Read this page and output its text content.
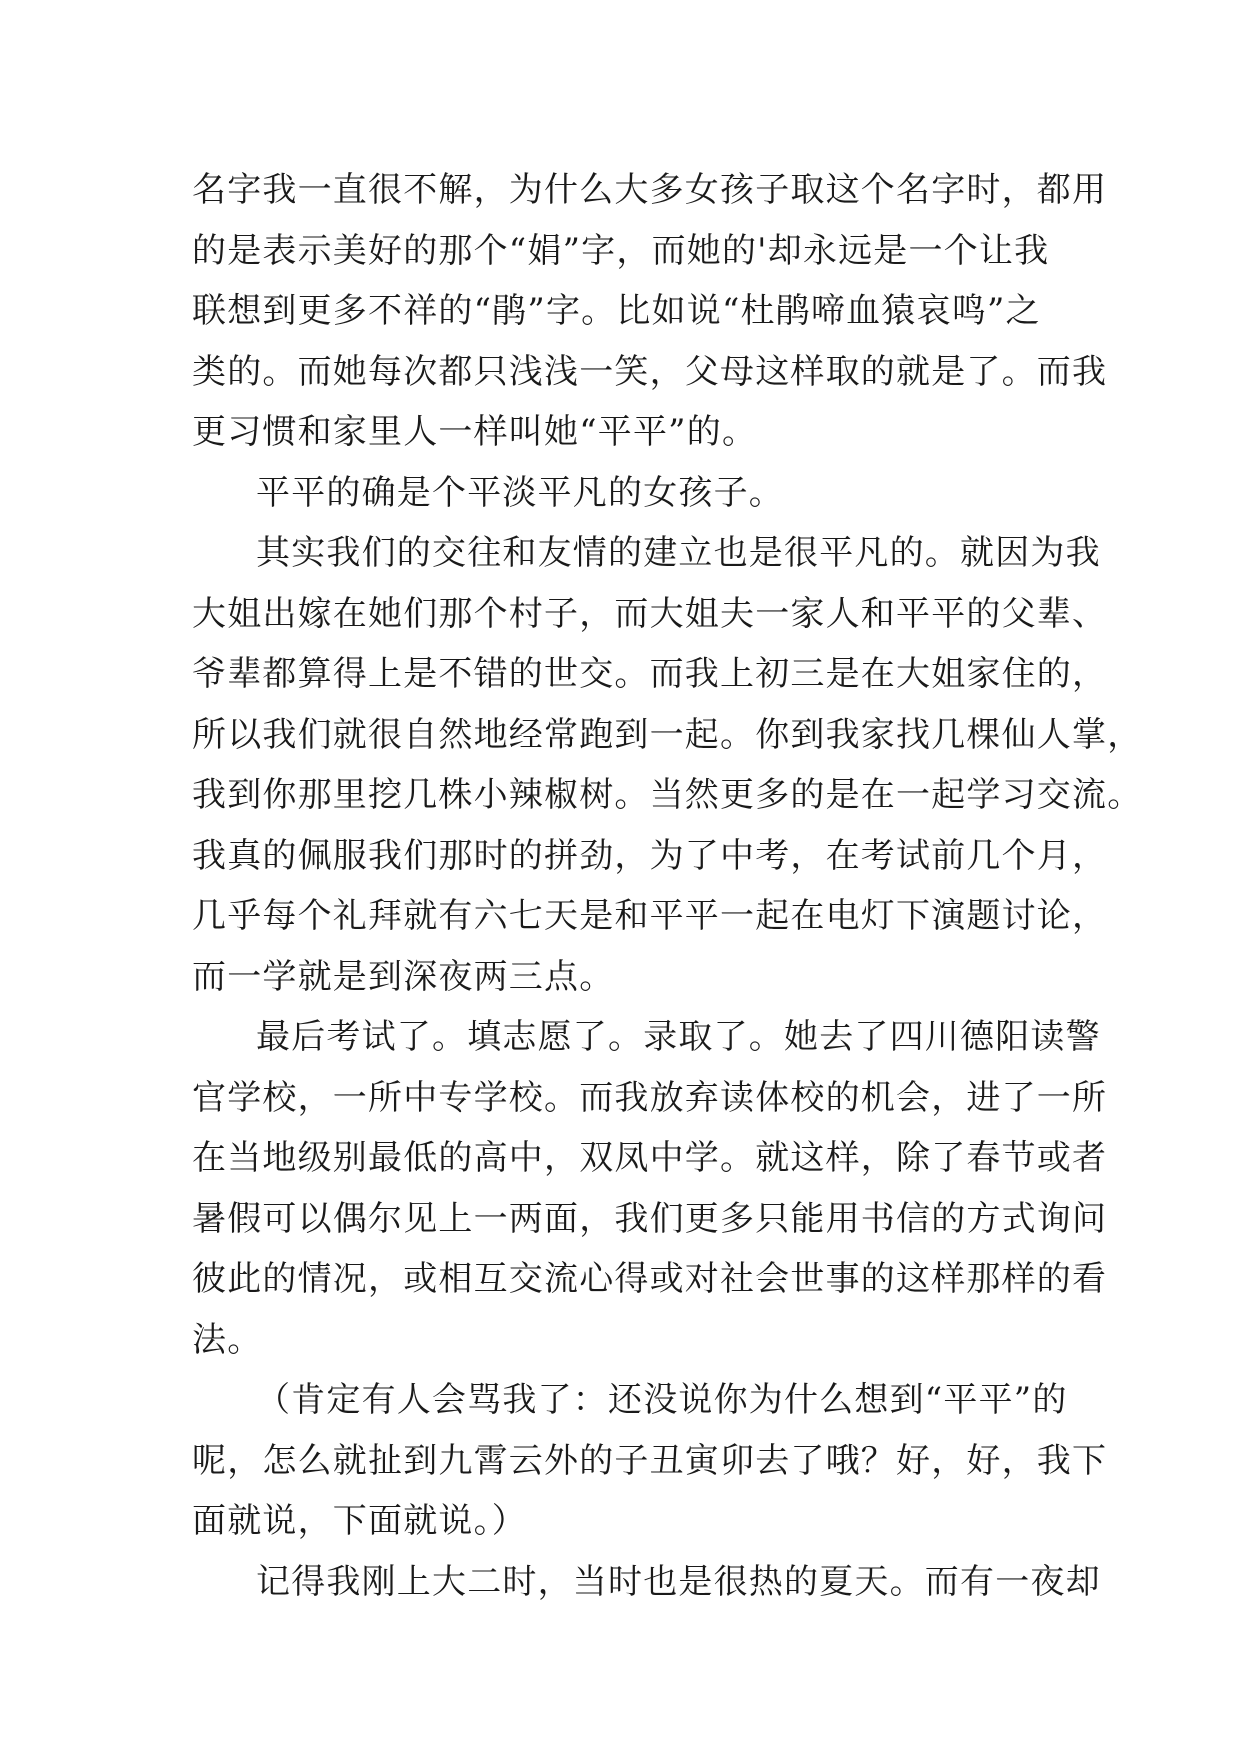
名字我一直很不解，为什么大多女孩子取这个名字时，都用
的是表示美好的那个“娟”字，而她的'却永远是一个让我
联想到更多不祥的“鹃”字。比如说“杜鹃啼血猿哀鸣”之
类的。而她每次都只浅浅一笑，父母这样取的就是了。而我
更习惯和家里人一样叫她“平平”的。
平平的确是个平淡平凡的女孩子。
其实我们的交往和友情的建立也是很平凡的。就因为我
大姐出嫁在她们那个村子，而大姐夫一家人和平平的父辈、
爷辈都算得上是不错的世交。而我上初三是在大姐家住的，
所以我们就很自然地经常跑到一起。你到我家找几棵仙人掌，
我到你那里挖几株小辣椒树。当然更多的是在一起学习交流。
我真的佩服我们那时的拼劲，为了中考，在考试前几个月，
几乎每个礼拜就有六七天是和平平一起在电灯下演题讨论，
而一学就是到深夜两三点。
最后考试了。填志愿了。录取了。她去了四川德阳读警
官学校，一所中专学校。而我放弃读体校的机会，进了一所
在当地级别最低的高中，双凤中学。就这样，除了春节或者
暑假可以偶尔见上一两面，我们更多只能用书信的方式询问
彼此的情况，或相互交流心得或对社会世事的这样那样的看
法。
（肯定有人会骂我了：还没说你为什么想到“平平”的
呢，怎么就扯到九霄云外的子丑寅卯去了哦？好，好，我下
面就说，下面就说。）
记得我刚上大二时，当时也是很热的夏天。而有一夜却
